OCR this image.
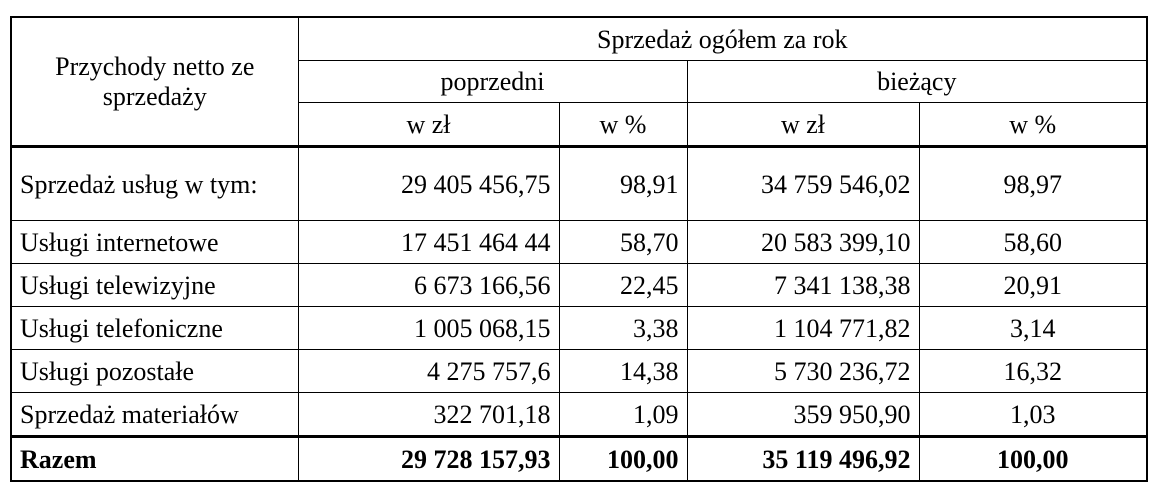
Przychody netto ze sprzedaży	Sprzedaż ogółem za rok			
	poprzedni		bieżący	
	w zł	w %	w zł	w %
Sprzedaż usług w tym:	29 405 456,75	98,91	34 759 546,02	98,97
Usługi internetowe	17 451 464 44	58,70	20 583 399,10	58,60
Usługi telewizyjne	6 673 166,56	22,45	7 341 138,38	20,91
Usługi telefoniczne	1 005 068,15	3,38	1 104 771,82	3,14
Usługi pozostałe	4 275 757,6	14,38	5 730 236,72	16,32
Sprzedaż materiałów	322 701,18	1,09	359 950,90	1,03
Razem	29 728 157,93	100,00	35 119 496,92	100,00
